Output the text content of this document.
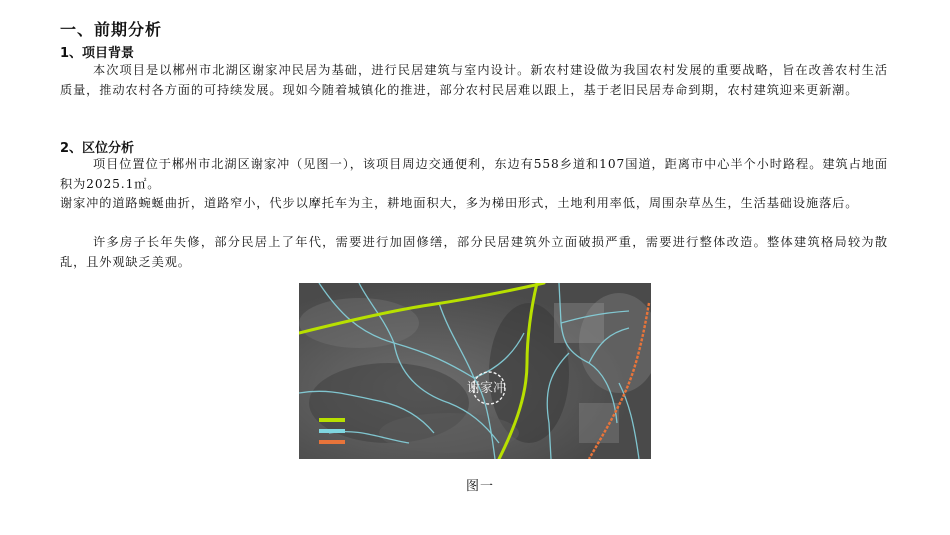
一、前期分析
1、项目背景

本次项目是以郴州市北湖区谢家冲民居为基础，进行民居建筑与室内设计。新农村建设做为我国农村发展的重要战略，旨在改善农村生活质量，推动农村各方面的可持续发展。现如今随着城镇化的推进，部分农村民居难以跟上，基于老旧民居寿命到期，农村建筑迎来更新潮。

2、区位分析

项目位置位于郴州市北湖区谢家冲（见图一），该项目周边交通便利，东边有558乡道和107国道，距离市中心半个小时路程。建筑占地面积为2025.1㎡。

谢家冲的道路蜿蜒曲折，道路窄小，代步以摩托车为主，耕地面积大，多为梯田形式，土地利用率低，周围杂草丛生，生活基础设施落后。

许多房子长年失修，部分民居上了年代，需要进行加固修缮，部分民居建筑外立面破损严重，需要进行整体改造。整体建筑格局较为散乱，且外观缺乏美观。

谢家冲
图一
